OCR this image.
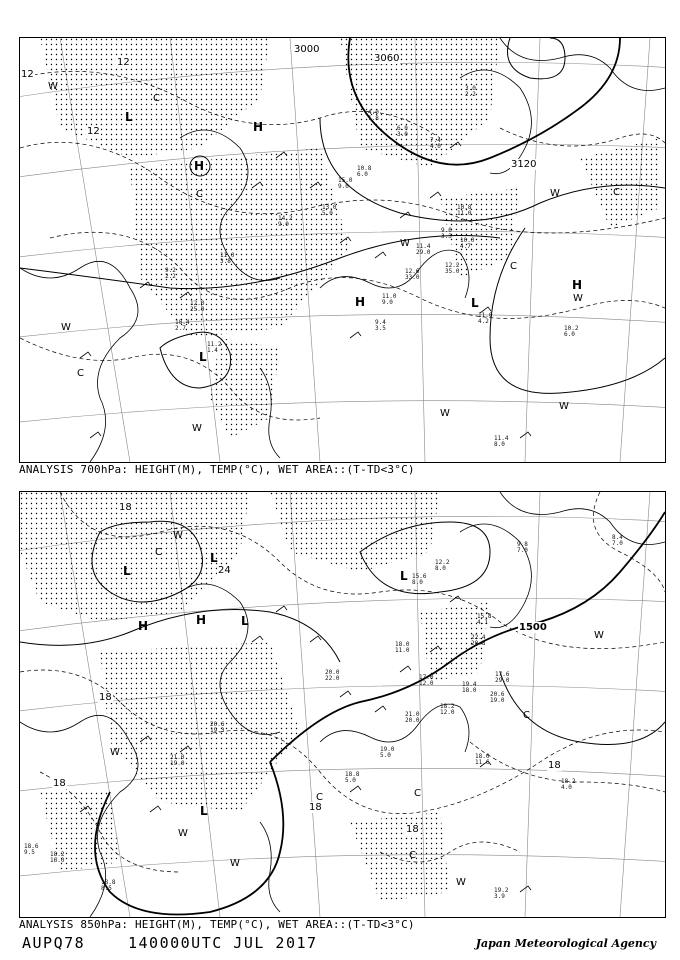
3000
3060
3120
12
12
12
H
H
H
H
L
L
L
C
C
C
C
C
W
W
W
W
W
W
W
W
10.8
11.0
12.6
33.0
9.0
3.3
10.0
4.7
11.4
29.0
12.2
35.0
9.4
3.5
11.0
9.0
11.0
4.2
10.2
6.0
11.4
8.0
13.0
5.0
14.2
9.0
15.0
9.0
10.8
6.0
12.0
25.0
11.0
3.8
9.2
2.2
11.2
1.4
10.4
2.7
3.0
2.2
4.0
1.8
7.4
4.0
6.0
3.0
ANALYSIS 700hPa: HEIGHT(M), TEMP(°C), WET AREA::(T-TD<3°C)
1500
18
18
18
18
18
18
24
H	H
L
L
L
L
L
C
C
C
C
C
W
W
W
W
W
W
19.4
18.0
20.6
19.0
17.0
12.0
18.2
12.0
21.0
20.0
19.2
3.9
18.2
4.0
18.0
11.6
15.8
4.1
22.4
20.8
18.0
11.0
20.0
22.0
19.0
5.0
18.8
5.0
12.2
8.0
15.6
8.0
9.8
7.0
18.6
9.5	18.2
16.0
18.8
8.5
20.6
19.3
17.6
29.0
21.0
19.0
8.4
7.0
ANALYSIS 850hPa: HEIGHT(M), TEMP(°C), WET AREA::(T-TD<3°C)
AUPQ78	140000UTC JUL 2017	Japan Meteorological Agency
